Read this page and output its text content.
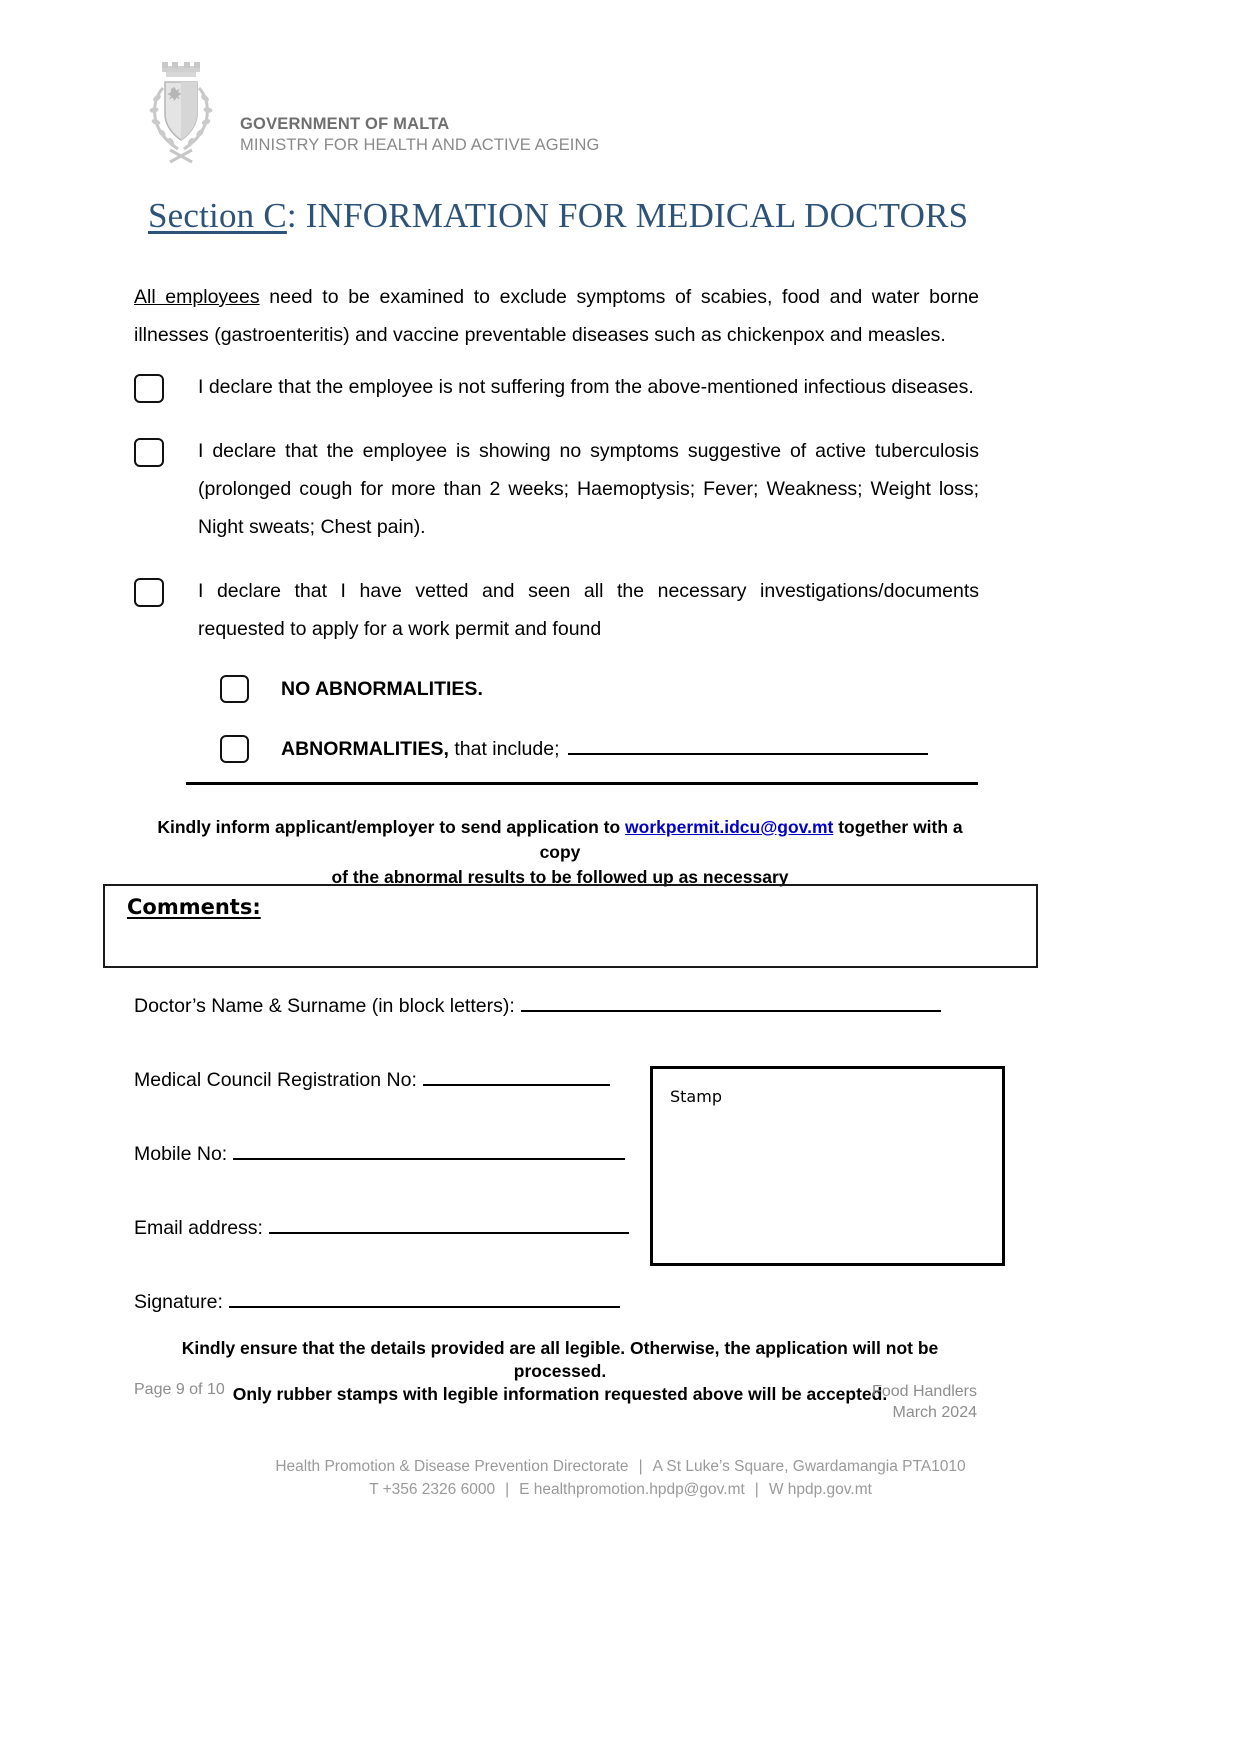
GOVERNMENT OF MALTA
MINISTRY FOR HEALTH AND ACTIVE AGEING
Section C: INFORMATION FOR MEDICAL DOCTORS

All employees need to be examined to exclude symptoms of scabies, food and water borne illnesses (gastroenteritis) and vaccine preventable diseases such as chickenpox and measles.

I declare that the employee is not suffering from the above-mentioned infectious diseases.
I declare that the employee is showing no symptoms suggestive of active tuberculosis (prolonged cough for more than 2 weeks; Haemoptysis; Fever; Weakness; Weight loss; Night sweats; Chest pain).
I declare that I have vetted and seen all the necessary investigations/documents requested to apply for a work permit and found
NO ABNORMALITIES.
ABNORMALITIES, that include;
Kindly inform applicant/employer to send application to workpermit.idcu@gov.mt together with a copy
of the abnormal results to be followed up as necessary
Comments:
Doctor’s Name & Surname (in block letters):
Medical Council Registration No:
Mobile No:
Email address:
Signature:
Stamp
Kindly ensure that the details provided are all legible. Otherwise, the application will not be processed.
Only rubber stamps with legible information requested above will be accepted.
Page 9 of 10	Food Handlers
March 2024
Health Promotion & Disease Prevention Directorate | A St Luke’s Square, Gwardamangia PTA1010
T +356 2326 6000 | E healthpromotion.hpdp@gov.mt | W hpdp.gov.mt
